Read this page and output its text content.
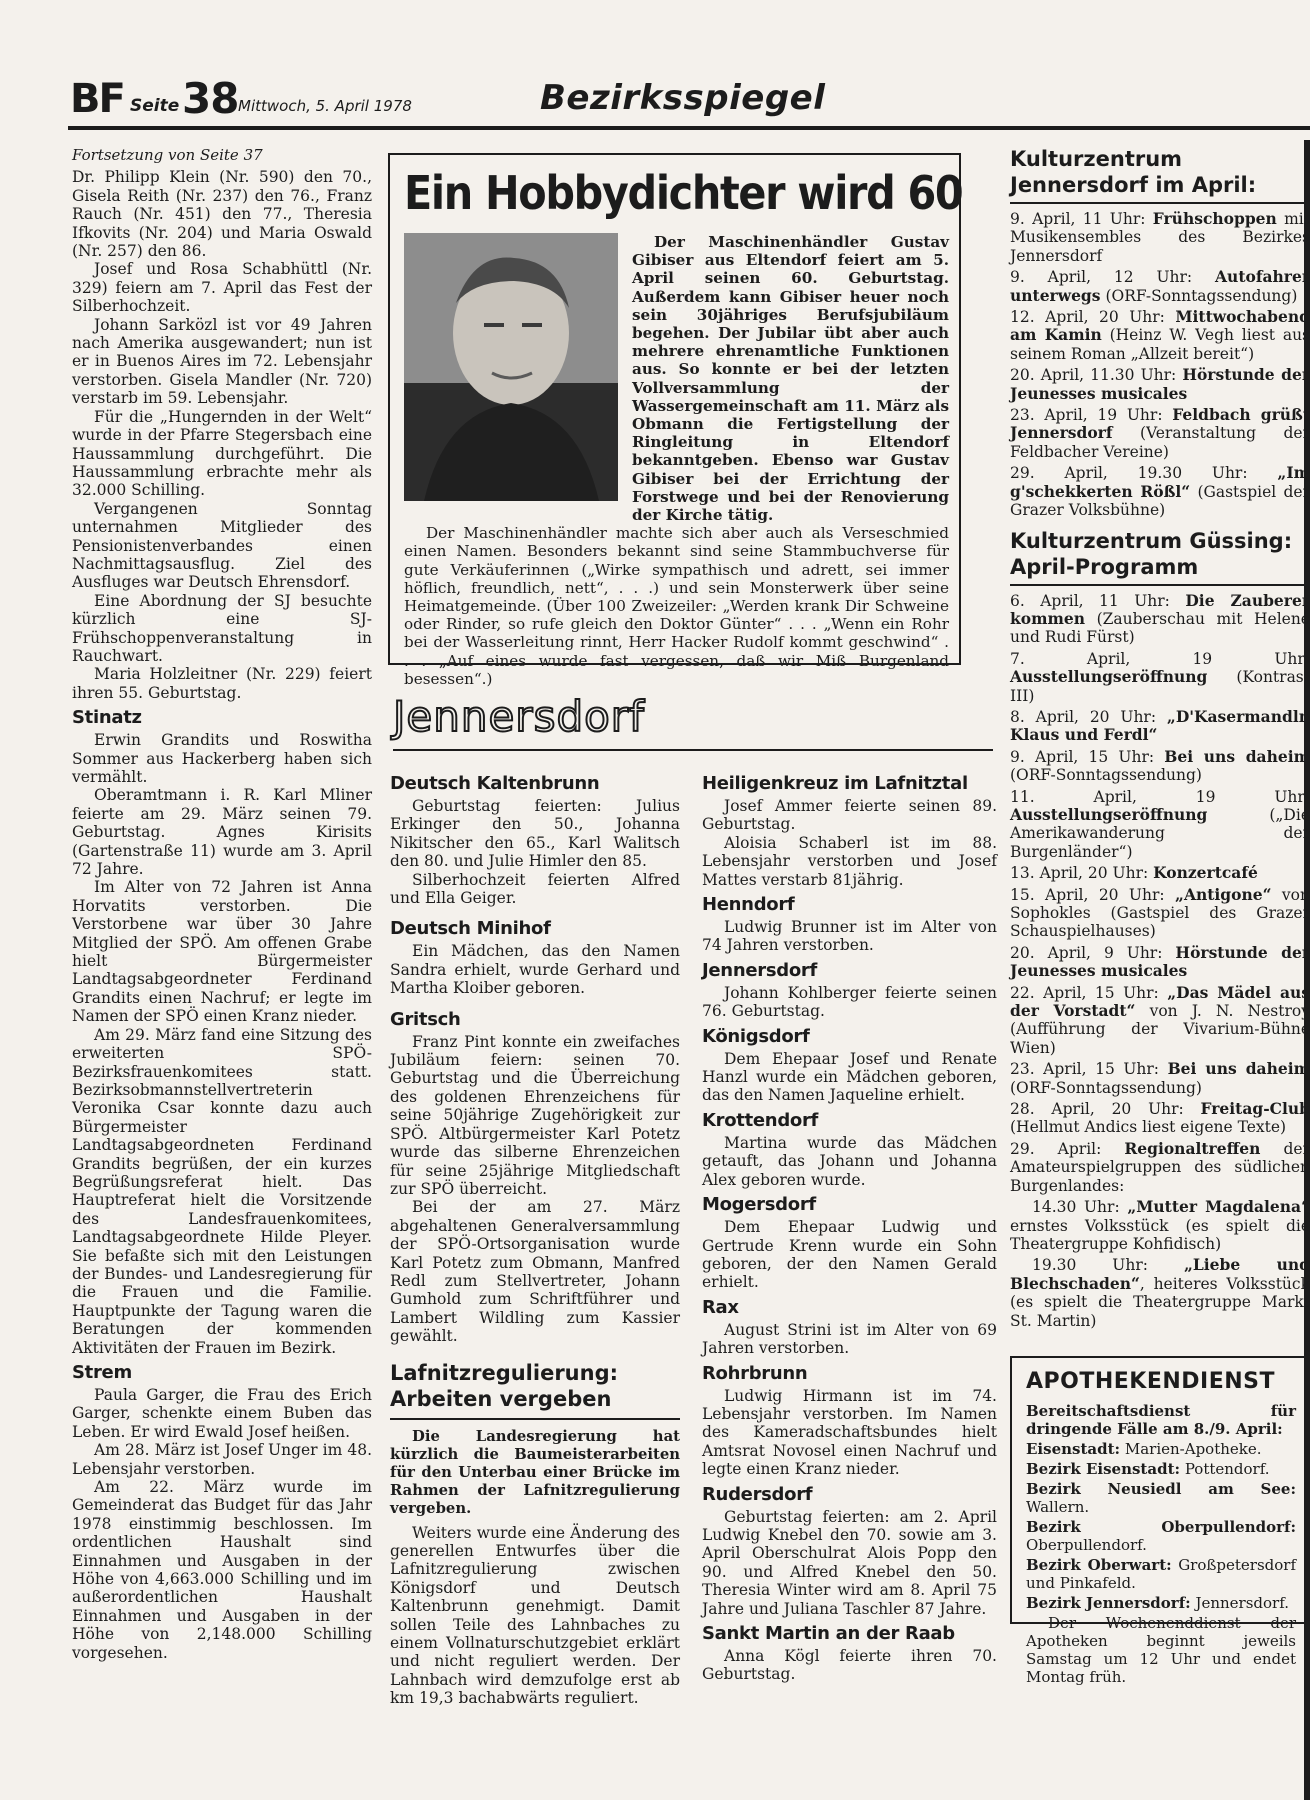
BF Seite 38 Mittwoch, 5. April 1978	Bezirksspiegel

Fortsetzung von Seite 37

Dr. Philipp Klein (Nr. 590) den 70., Gisela Reith (Nr. 237) den 76., Franz Rauch (Nr. 451) den 77., Theresia Ifkovits (Nr. 204) und Maria Oswald (Nr. 257) den 86.

Josef und Rosa Schabhüttl (Nr. 329) feiern am 7. April das Fest der Silberhochzeit.

Johann Sarközl ist vor 49 Jahren nach Amerika ausgewandert; nun ist er in Buenos Aires im 72. Lebensjahr verstorben. Gisela Mandler (Nr. 720) verstarb im 59. Lebensjahr.

Für die „Hungernden in der Welt“ wurde in der Pfarre Stegersbach eine Haussammlung durchgeführt. Die Haussammlung erbrachte mehr als 32.000 Schilling.

Vergangenen Sonntag unternahmen Mitglieder des Pensionistenverbandes einen Nachmittagsausflug. Ziel des Ausfluges war Deutsch Ehrensdorf.

Eine Abordnung der SJ besuchte kürzlich eine SJ-Frühschoppenveranstaltung in Rauchwart.

Maria Holzleitner (Nr. 229) feiert ihren 55. Geburtstag.

Stinatz

Erwin Grandits und Roswitha Sommer aus Hackerberg haben sich vermählt.

Oberamtmann i. R. Karl Mliner feierte am 29. März seinen 79. Geburtstag. Agnes Kirisits (Gartenstraße 11) wurde am 3. April 72 Jahre.

Im Alter von 72 Jahren ist Anna Horvatits verstorben. Die Verstorbene war über 30 Jahre Mitglied der SPÖ. Am offenen Grabe hielt Bürgermeister Landtagsabgeordneter Ferdinand Grandits einen Nachruf; er legte im Namen der SPÖ einen Kranz nieder.

Am 29. März fand eine Sitzung des erweiterten SPÖ-Bezirksfrauenkomitees statt. Bezirksobmannstellvertreterin Veronika Csar konnte dazu auch Bürgermeister Landtagsabgeordneten Ferdinand Grandits begrüßen, der ein kurzes Begrüßungsreferat hielt. Das Hauptreferat hielt die Vorsitzende des Landesfrauenkomitees, Landtagsabgeordnete Hilde Pleyer. Sie befaßte sich mit den Leistungen der Bundes- und Landesregierung für die Frauen und die Familie. Hauptpunkte der Tagung waren die Beratungen der kommenden Aktivitäten der Frauen im Bezirk.

Strem

Paula Garger, die Frau des Erich Garger, schenkte einem Buben das Leben. Er wird Ewald Josef heißen.

Am 28. März ist Josef Unger im 48. Lebensjahr verstorben.

Am 22. März wurde im Gemeinderat das Budget für das Jahr 1978 einstimmig beschlossen. Im ordentlichen Haushalt sind Einnahmen und Ausgaben in der Höhe von 4,663.000 Schilling und im außerordentlichen Haushalt Einnahmen und Ausgaben in der Höhe von 2,148.000 Schilling vorgesehen.

Ein Hobbydichter wird 60

Der Maschinenhändler Gustav Gibiser aus Eltendorf feiert am 5. April seinen 60. Geburtstag. Außerdem kann Gibiser heuer noch sein 30jähriges Berufsjubiläum begehen. Der Jubilar übt aber auch mehrere ehrenamtliche Funktionen aus. So konnte er bei der letzten Vollversammlung der Wassergemeinschaft am 11. März als Obmann die Fertigstellung der Ringleitung in Eltendorf bekanntgeben. Ebenso war Gustav Gibiser bei der Errichtung der Forstwege und bei der Renovierung der Kirche tätig.

Der Maschinenhändler machte sich aber auch als Verseschmied einen Namen. Besonders bekannt sind seine Stammbuchverse für gute Verkäuferinnen („Wirke sympathisch und adrett, sei immer höflich, freundlich, nett“, . . .) und sein Monsterwerk über seine Heimatgemeinde. (Über 100 Zweizeiler: „Werden krank Dir Schweine oder Rinder, so rufe gleich den Doktor Günter“ . . . „Wenn ein Rohr bei der Wasserleitung rinnt, Herr Hacker Rudolf kommt geschwind“ . . . „Auf eines wurde fast vergessen, daß wir Miß Burgenland besessen“.)

Jennersdorf
Deutsch Kaltenbrunn

Geburtstag feierten: Julius Erkinger den 50., Johanna Nikitscher den 65., Karl Walitsch den 80. und Julie Himler den 85.

Silberhochzeit feierten Alfred und Ella Geiger.

Deutsch Minihof

Ein Mädchen, das den Namen Sandra erhielt, wurde Gerhard und Martha Kloiber geboren.

Gritsch

Franz Pint konnte ein zweifaches Jubiläum feiern: seinen 70. Geburtstag und die Überreichung des goldenen Ehrenzeichens für seine 50jährige Zugehörigkeit zur SPÖ. Altbürgermeister Karl Potetz wurde das silberne Ehrenzeichen für seine 25jährige Mitgliedschaft zur SPÖ überreicht.

Bei der am 27. März abgehaltenen Generalversammlung der SPÖ-Ortsorganisation wurde Karl Potetz zum Obmann, Manfred Redl zum Stellvertreter, Johann Gumhold zum Schriftführer und Lambert Wildling zum Kassier gewählt.

Lafnitzregulierung: Arbeiten vergeben

Die Landesregierung hat kürzlich die Baumeisterarbeiten für den Unterbau einer Brücke im Rahmen der Lafnitzregulierung vergeben.

Weiters wurde eine Änderung des generellen Entwurfes über die Lafnitzregulierung zwischen Königsdorf und Deutsch Kaltenbrunn genehmigt. Damit sollen Teile des Lahnbaches zu einem Vollnaturschutzgebiet erklärt und nicht reguliert werden. Der Lahnbach wird demzufolge erst ab km 19,3 bachabwärts reguliert.

Heiligenkreuz im Lafnitztal

Josef Ammer feierte seinen 89. Geburtstag.

Aloisia Schaberl ist im 88. Lebensjahr verstorben und Josef Mattes verstarb 81jährig.

Henndorf

Ludwig Brunner ist im Alter von 74 Jahren verstorben.

Jennersdorf

Johann Kohlberger feierte seinen 76. Geburtstag.

Königsdorf

Dem Ehepaar Josef und Renate Hanzl wurde ein Mädchen geboren, das den Namen Jaqueline erhielt.

Krottendorf

Martina wurde das Mädchen getauft, das Johann und Johanna Alex geboren wurde.

Mogersdorf

Dem Ehepaar Ludwig und Gertrude Krenn wurde ein Sohn geboren, der den Namen Gerald erhielt.

Rax

August Strini ist im Alter von 69 Jahren verstorben.

Rohrbrunn

Ludwig Hirmann ist im 74. Lebensjahr verstorben. Im Namen des Kameradschaftsbundes hielt Amtsrat Novosel einen Nachruf und legte einen Kranz nieder.

Rudersdorf

Geburtstag feierten: am 2. April Ludwig Knebel den 70. sowie am 3. April Oberschulrat Alois Popp den 90. und Alfred Knebel den 50. Theresia Winter wird am 8. April 75 Jahre und Juliana Taschler 87 Jahre.

Sankt Martin an der Raab

Anna Kögl feierte ihren 70. Geburtstag.

Kulturzentrum Jennersdorf im April:

9. April, 11 Uhr: Frühschoppen mit Musikensembles des Bezirkes Jennersdorf

9. April, 12 Uhr: Autofahrer unterwegs (ORF-Sonntagssendung)

12. April, 20 Uhr: Mittwochabend am Kamin (Heinz W. Vegh liest aus seinem Roman „Allzeit bereit“)

20. April, 11.30 Uhr: Hörstunde der Jeunesses musicales

23. April, 19 Uhr: Feldbach grüßt Jennersdorf (Veranstaltung der Feldbacher Vereine)

29. April, 19.30 Uhr: „Im g'schekkerten Rößl“ (Gastspiel der Grazer Volksbühne)

Kulturzentrum Güssing: April-Programm

6. April, 11 Uhr: Die Zauberer kommen (Zauberschau mit Helene und Rudi Fürst)

7. April, 19 Uhr: Ausstellungseröffnung (Kontrast III)

8. April, 20 Uhr: „D'Kasermandln Klaus und Ferdl“

9. April, 15 Uhr: Bei uns daheim (ORF-Sonntagssendung)

11. April, 19 Uhr: Ausstellungseröffnung	(„Die Amerikawanderung der Burgenländer“)

13. April, 20 Uhr: Konzertcafé

15. April, 20 Uhr: „Antigone“ von Sophokles (Gastspiel des Grazer Schauspielhauses)

20. April, 9 Uhr: Hörstunde der Jeunesses musicales

22. April, 15 Uhr: „Das Mädel aus der Vorstadt“ von J. N. Nestroy (Aufführung der Vivarium-Bühne Wien)

23. April, 15 Uhr: Bei uns daheim (ORF-Sonntagssendung)

28. April, 20 Uhr: Freitag-Club (Hellmut Andics liest eigene Texte)

29. April: Regionaltreffen der Amateurspielgruppen des südlichen Burgenlandes:

14.30 Uhr: „Mutter Magdalena“ ernstes Volksstück (es spielt die Theatergruppe Kohfidisch)

19.30 Uhr: „Liebe und Blechschaden“, heiteres Volksstück (es spielt die Theatergruppe Markt St. Martin)

APOTHEKENDIENST

Bereitschaftsdienst für dringende Fälle am 8./9. April:

Eisenstadt: Marien-Apotheke.

Bezirk Eisenstadt: Pottendorf.

Bezirk Neusiedl am See: Wallern.

Bezirk Oberpullendorf: Oberpullendorf.

Bezirk Oberwart: Großpetersdorf und Pinkafeld.

Bezirk Jennersdorf: Jennersdorf.

Der Wochenenddienst der Apotheken beginnt jeweils Samstag um 12 Uhr und endet Montag früh.
